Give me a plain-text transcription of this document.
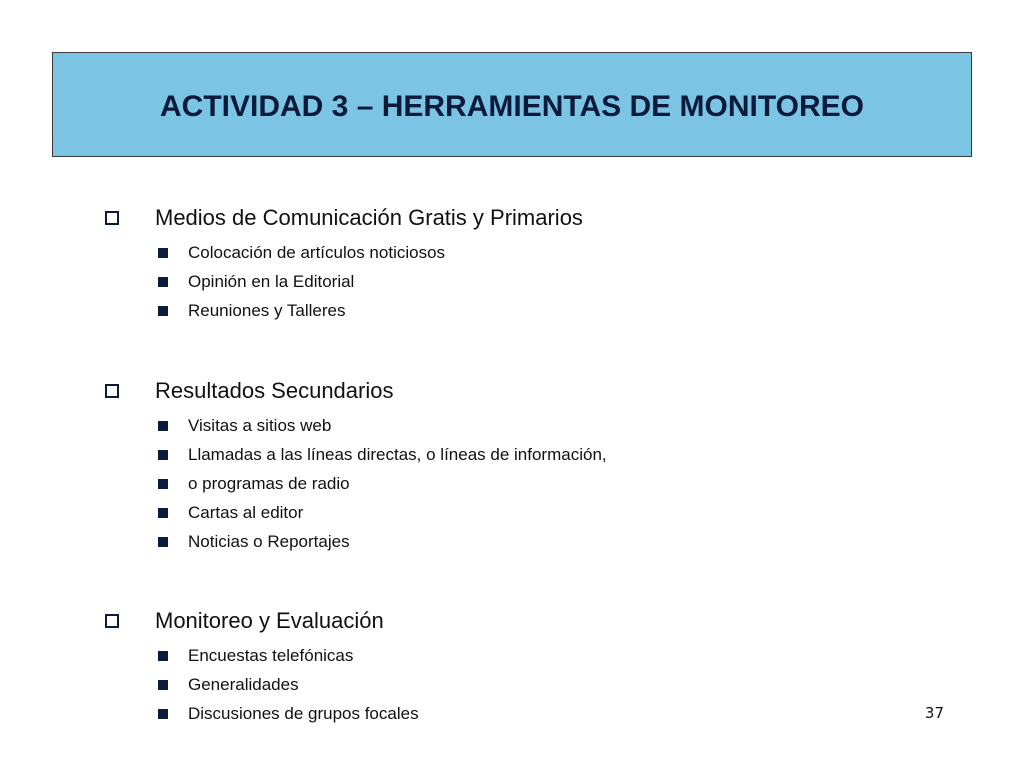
ACTIVIDAD 3 – HERRAMIENTAS DE MONITOREO
Medios de Comunicación Gratis y Primarios
Colocación de artículos noticiosos
Opinión en la Editorial
Reuniones y Talleres
Resultados Secundarios
Visitas a sitios web
Llamadas a las líneas directas, o líneas de información,
o programas de radio
Cartas al editor
Noticias o Reportajes
Monitoreo y Evaluación
Encuestas telefónicas
Generalidades
Discusiones de grupos focales	37
